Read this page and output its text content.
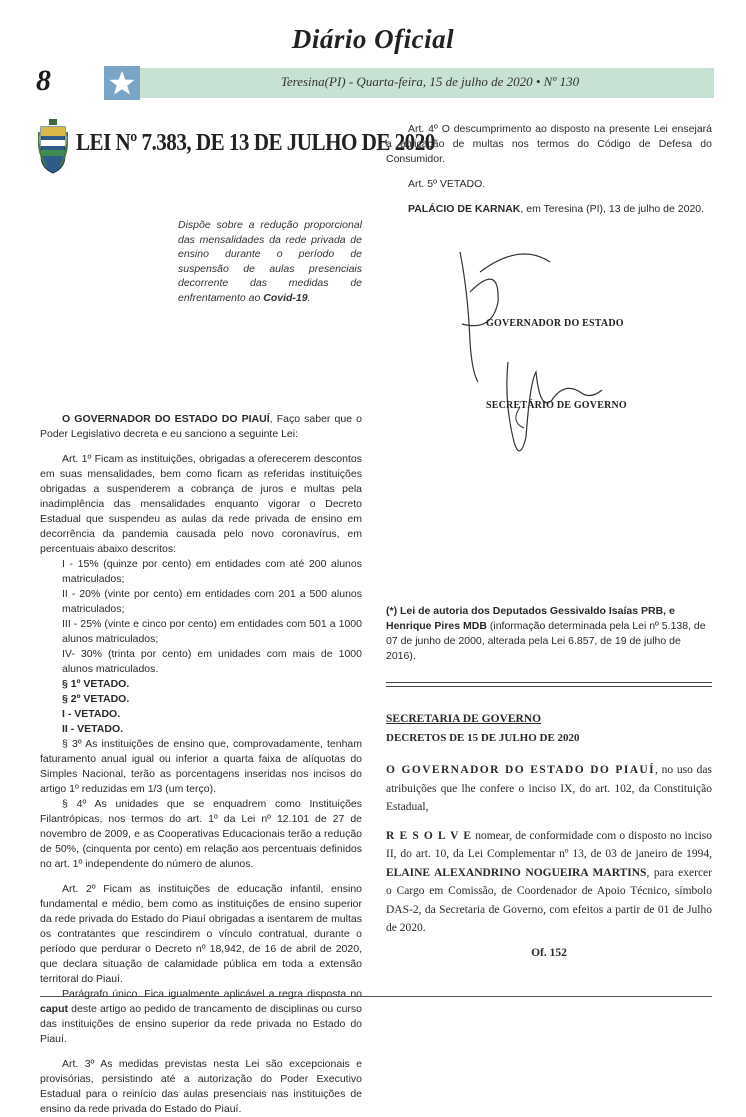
Diário Oficial
8	Teresina(PI) - Quarta-feira, 15 de julho de 2020 • Nº 130
LEI Nº 7.383, DE 13 DE JULHO DE 2020
Dispõe sobre a redução proporcional das mensalidades da rede privada de ensino durante o período de suspensão de aulas presenciais decorrente das medidas de enfrentamento ao Covid-19.

O GOVERNADOR DO ESTADO DO PIAUÍ, Faço saber que o Poder Legislativo decreta e eu sanciono a seguinte Lei:

Art. 1º Ficam as instituições, obrigadas a oferecerem descontos em suas mensalidades, bem como ficam as referidas instituições obrigadas a suspenderem a cobrança de juros e multas pela inadimplência das mensalidades enquanto vigorar o Decreto Estadual que suspendeu as aulas da rede privada de ensino em decorrência da pandemia causada pelo novo coronavírus, em percentuais abaixo descritos:

I - 15% (quinze por cento) em entidades com até 200 alunos matriculados;

II - 20% (vinte por cento) em entidades com 201 a 500 alunos matriculados;

III - 25% (vinte e cinco por cento) em entidades com 501 a 1000 alunos matriculados;

IV- 30% (trinta por cento) em unidades com mais de 1000 alunos matriculados.

§ 1º VETADO.

§ 2º VETADO.

I - VETADO.

II - VETADO.

§ 3º As instituições de ensino que, comprovadamente, tenham faturamento anual igual ou inferior a quarta faixa de alíquotas do Simples Nacional, terão as porcentagens inseridas nos incisos do artigo 1º reduzidas em 1/3 (um terço).

§ 4º As unidades que se enquadrem como Instituições Filantrópicas, nos termos do art. 1º da Lei nº 12.101 de 27 de novembro de 2009, e as Cooperativas Educacionais terão a redução de 50%, (cinquenta por cento) em relação aos percentuais definidos no art. 1º independente do número de alunos.

Art. 2º Ficam as instituições de educação infantil, ensino fundamental e médio, bem como as instituições de ensino superior da rede privada do Estado do Piauí obrigadas a isentarem de multas os contratantes que rescindirem o vínculo contratual, durante o período que perdurar o Decreto nº 18,942, de 16 de abril de 2020, que declara situação de calamidade pública em toda a extensão territoral do Piauí.

Parágrafo único. Fica igualmente aplicável a regra disposta no caput deste artigo ao pedido de trancamento de disciplinas ou curso das instituições de ensino superior da rede privada no Estado do Piauí.

Art. 3º As medidas previstas nesta Lei são excepcionais e provisórias, persistindo até a autorização do Poder Executivo Estadual para o reinício das aulas presenciais nas instituições de ensino da rede privada do Estado do Piauí.

Art. 4º O descumprimento ao disposto na presente Lei ensejará a aplicação de multas nos termos do Código de Defesa do Consumidor.

Art. 5º VETADO.

PALÁCIO DE KARNAK, em Teresina (PI), 13 de julho de 2020.

GOVERNADOR DO ESTADO
SECRETÁRIO DE GOVERNO
(*) Lei de autoria dos Deputados Gessivaldo Isaías PRB, e Henrique Pires MDB (informação determinada pela Lei nº 5.138, de 07 de junho de 2000, alterada pela Lei 6.857, de 19 de julho de 2016).

SECRETARIA DE GOVERNO

DECRETOS DE 15 DE JULHO DE 2020

O GOVERNADOR DO ESTADO DO PIAUÍ, no uso das atribuições que lhe confere o inciso IX, do art. 102, da Constituição Estadual,

R E S O L V E nomear, de conformidade com o disposto no inciso II, do art. 10, da Lei Complementar nº 13, de 03 de janeiro de 1994, ELAINE ALEXANDRINO NOGUEIRA MARTINS, para exercer o Cargo em Comissão, de Coordenador de Apoio Técnico, símbolo DAS-2, da Secretaria de Governo, com efeitos a partir de 01 de Julho de 2020.

Of. 152
